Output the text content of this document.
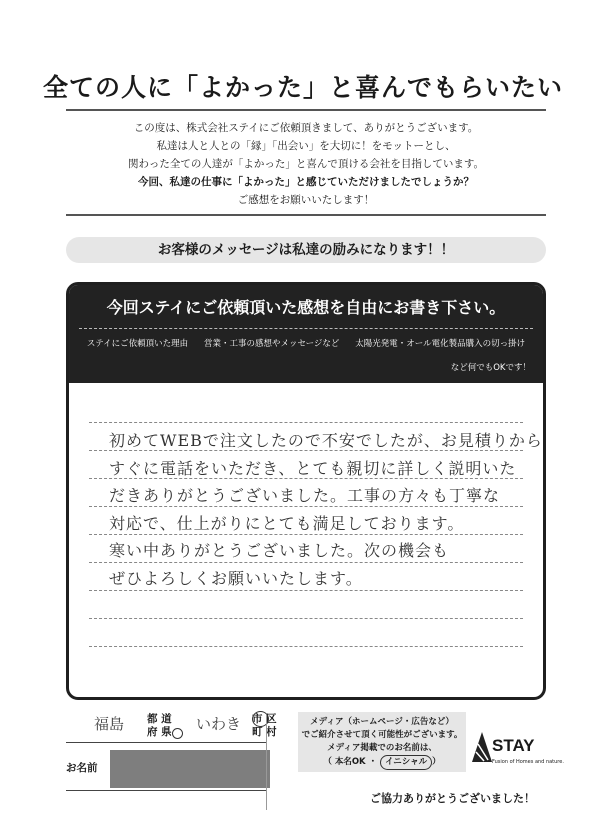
全ての人に「よかった」と喜んでもらいたい
この度は、株式会社ステイにご依頼頂きまして、ありがとうございます。
私達は人と人との「縁」「出会い」を大切に！をモットーとし、
関わった全ての人達が「よかった」と喜んで頂ける会社を目指しています。
今回、私達の仕事に「よかった」と感じていただけましたでしょうか？
ご感想をお願いいたします！
お客様のメッセージは私達の励みになります！！
今回ステイにご依頼頂いた感想を自由にお書き下さい。
ステイにご依頼頂いた理由 営業・工事の感想やメッセージなど 太陽光発電・オール電化製品購入の切っ掛け
など何でもOKです！
初めてWEBで注文したので不安でしたが、お見積りから
すぐに電話をいただき、とても親切に詳しく説明いた
だきありがとうございました。工事の方々も丁寧な
対応で、仕上がりにとても満足しております。
寒い中ありがとうございました。次の機会も
ぜひよろしくお願いいたします。
福島 都 道
府 県 いわき 市 区
町 村
お名前
メディア（ホームページ・広告など）
でご紹介させて頂く可能性がございます。
メディア掲載でのお名前は、
（ 本名OK ・ イニシャル ）
STAY
Fusion of Homes and nature.
ご協力ありがとうございました！
